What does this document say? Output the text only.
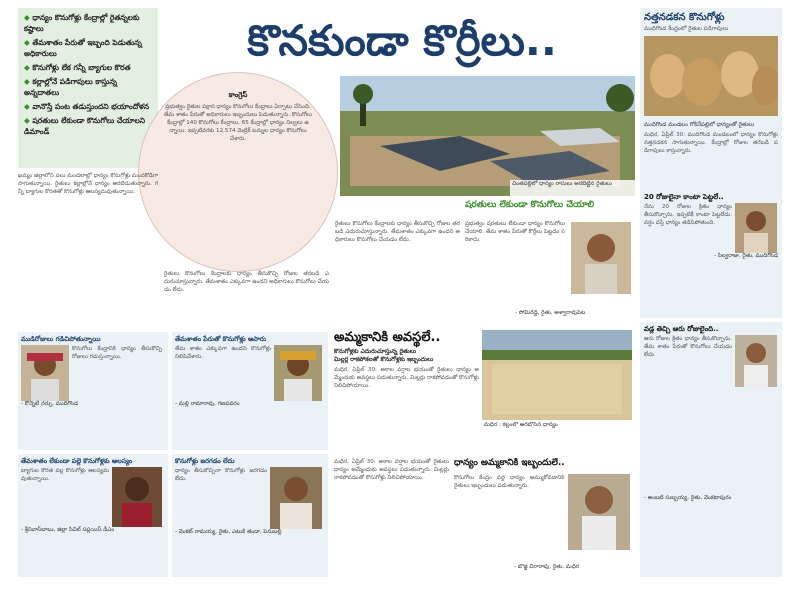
◆ ధాన్యం కొనుగోళ్లు కేంద్రాల్లో రైతన్నలకు కష్టాలు
◆ తేమశాతం పేరుతో ఇబ్బంది పెడుతున్న అధికారులు
◆ కొనుగోళ్లు లేక గన్నీ బ్యాగుల కొరత
◆ కల్లాల్లోనే పడిగాపులు కాస్తున్న అన్నదాతలు
◆ వానొస్తే పంట తడుస్తుందని భయాందోళన
◆ షరతులు లేకుండా కొనుగోలు చేయాలని డిమాండ్
కొనకుండా కొర్రీలు..
కాంగ్రెస్
ప్రభుత్వం రైతుల పక్షాన ధాన్యం కొనుగోలు కేంద్రాలు ఏర్పాటు చేసింది. తేమ శాతం పేరుతో అధికారులు ఇబ్బందులు పెడుతున్నారు. కొనుగోలు కేంద్రాల్లో 140 కొనుగోలు కేంద్రాలు, 65 కేంద్రాల్లో ధాన్యం నిల్వలు ఉన్నాయి. ఇప్పటివరకు 12,574 మెట్రిక్ టన్నుల ధాన్యం కొనుగోలు చేశారు.
చింతపల్లిలో ధాన్యం రాసులు అరబెట్టిన రైతులు
ఖమ్మం జిల్లాలోని పలు మండలాల్లో ధాన్యం కొనుగోళ్లు మందకొడిగా సాగుతున్నాయి. రైతులు కల్లాల్లోనే ధాన్యం ఆరబెడుతున్నారు. గన్నీ బ్యాగుల కొరతతో కొనుగోళ్లు ఆలస్యమవుతున్నాయి.
రైతులు కొనుగోలు కేంద్రాలకు ధాన్యం తీసుకొచ్చి రోజుల తరబడి ఎదురుచూస్తున్నారు. తేమశాతం ఎక్కువగా ఉందని అధికారులు కొనుగోలు చేయడం లేదు.
షరతులు లేకుండా కొనుగోలు చేయాలి
రైతులు కొనుగోలు కేంద్రాలకు ధాన్యం తీసుకొచ్చి రోజుల తరబడి ఎదురుచూస్తున్నారు. తేమశాతం ఎక్కువగా ఉందని అధికారులు కొనుగోలు చేయడం లేదు.
ప్రభుత్వం షరతులు లేకుండా ధాన్యం కొనుగోలు చేయాలి. తేమ శాతం పేరుతో కొర్రీలు పెట్టడం సరికాదు.
- సోమిరెడ్డి, రైతు, అశ్వారావుపేట
నత్తనడకన కొనుగోళ్లు
ముదిగొండ కేంద్రంలో రైతుల పడిగాపులు
ముదిగొండ మండలం గోకినేపల్లిలో ధాన్యంతో రైతులు
మధిర, ఏప్రిల్ 30: ముదిగొండ మండలంలో ధాన్యం కొనుగోళ్లు నత్తనడకన సాగుతున్నాయి. కేంద్రాల్లో రోజుల తరబడి పడిగాపులు కాస్తున్నారు.
20 రోజులైనా కాంటా పెట్టలే..
నేను 20 రోజుల క్రితం ధాన్యం తీసుకొచ్చాను. ఇప్పటికీ కాంటా పెట్టలేదు. వర్షం వస్తే ధాన్యం తడిసిపోతుంది.
- సిల్వరాజు, రైతు, ముదిగొండ
వడ్ల తెచ్చి ఆరు రోజులైంది..
ఆరు రోజుల క్రితం ధాన్యం తీసుకొచ్చాను. తేమ శాతం పేరుతో కొనుగోలు చేయడం లేదు.
- అంబటి సుబ్బయ్య, రైతు, వెంకటాపురం
ముడిరోజులు గడిచిపోతున్నాయి
కొనుగోలు కేంద్రానికి ధాన్యం తీసుకొచ్చి రోజులు గడుస్తున్నాయి.
- కొన్నెటి నర్సు, ముదిగొండ
తేమశాతం పేరుతో కొనుగోళ్లు ఆపారు
తేమ శాతం ఎక్కువగా ఉందని కొనుగోళ్లు నిలిపివేశారు.
- మల్లి రామారావు, గణపవరం
తేమశాతం లేకుండా పల్లె కొనుగోళ్లకు ఆలస్యం
బ్యాగుల కొరత వల్ల కొనుగోళ్లు ఆలస్యమవుతున్నాయి.
- శ్రీనివాస్‌బాబు, జిల్లా సివిల్ సప్లయిస్ డీఎం
కొనుగోళ్లు జరగడం లేదు
ధాన్యం తీసుకొచ్చినా కొనుగోళ్లు జరగడం లేదు.
- వెంకట్ రామయ్య, రైతు, ఎటుకి తండా, పెనుబల్లి
అమ్మకానికి అవస్థలే..
కొనుగోళ్లకు ఎదురుచూస్తున్న రైతులు
మిల్లర్ల రాకపోకలతో కొనుగోళ్లకు ఇబ్బందులు
మధిర, ఏప్రిల్ 30: అకాల వర్షాల భయంతో రైతులు ధాన్యం అమ్మేందుకు అవస్థలు పడుతున్నారు. మిల్లర్లు రాకపోవడంతో కొనుగోళ్లు నిలిచిపోయాయి.
మధిర : కల్లంలో ఆరబోసిన ధాన్యం
ధాన్యం అమ్మకానికి ఇబ్బందులే..
మధిర, ఏప్రిల్ 30: అకాల వర్షాల భయంతో రైతులు ధాన్యం అమ్మేందుకు అవస్థలు పడుతున్నారు. మిల్లర్లు రాకపోవడంతో కొనుగోళ్లు నిలిచిపోయాయి.	కొనుగోలు కేంద్రం వద్ద ధాన్యం అమ్ముకోవడానికి రైతులు ఇబ్బందులు పడుతున్నారు.
- బొజ్జి వీరారావు, రైతు, మధిర
